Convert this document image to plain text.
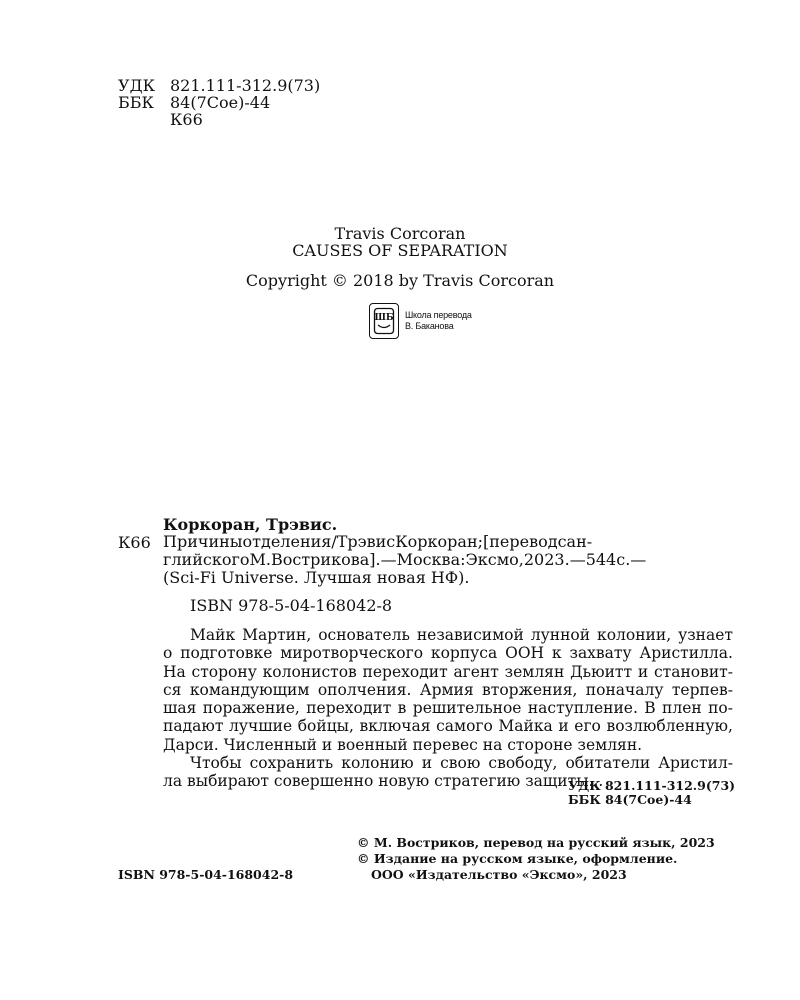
УДК 821.111-312.9(73)
ББК	84(7Сое)-44
К66
Travis Corcoran
CAUSES OF SEPARATION
Copyright © 2018 by Travis Corcoran
ШБ Школа перевода
В. Баканова
Коркоран, Трэвис.
К66 Причиныотделения/ТрэвисКоркоран;[переводсан-
глийскогоМ.Вострикова].—Москва:Эксмо,2023.—544с.—
(Sci-Fi Universe. Лучшая новая НФ).
ISBN 978-5-04-168042-8
Майк Мартин, основатель независимой лунной колонии, узнает
о подготовке миротворческого корпуса ООН к захвату Аристилла.
На сторону колонистов переходит агент землян Дьюитт и становит-
ся командующим ополчения. Армия вторжения, поначалу терпев-
шая поражение, переходит в решительное наступление. В плен по-
падают лучшие бойцы, включая самого Майка и его возлюбленную,
Дарси. Численный и военный перевес на стороне землян.
Чтобы сохранить колонию и свою свободу, обитатели Аристил-
ла выбирают совершенно новую стратегию защиты...
УДК 821.111-312.9(73)
ББК 84(7Сое)-44
© М. Востриков, перевод на русский язык, 2023
© Издание на русском языке, оформление.
ООО «Издательство «Эксмо», 2023
ISBN 978-5-04-168042-8
